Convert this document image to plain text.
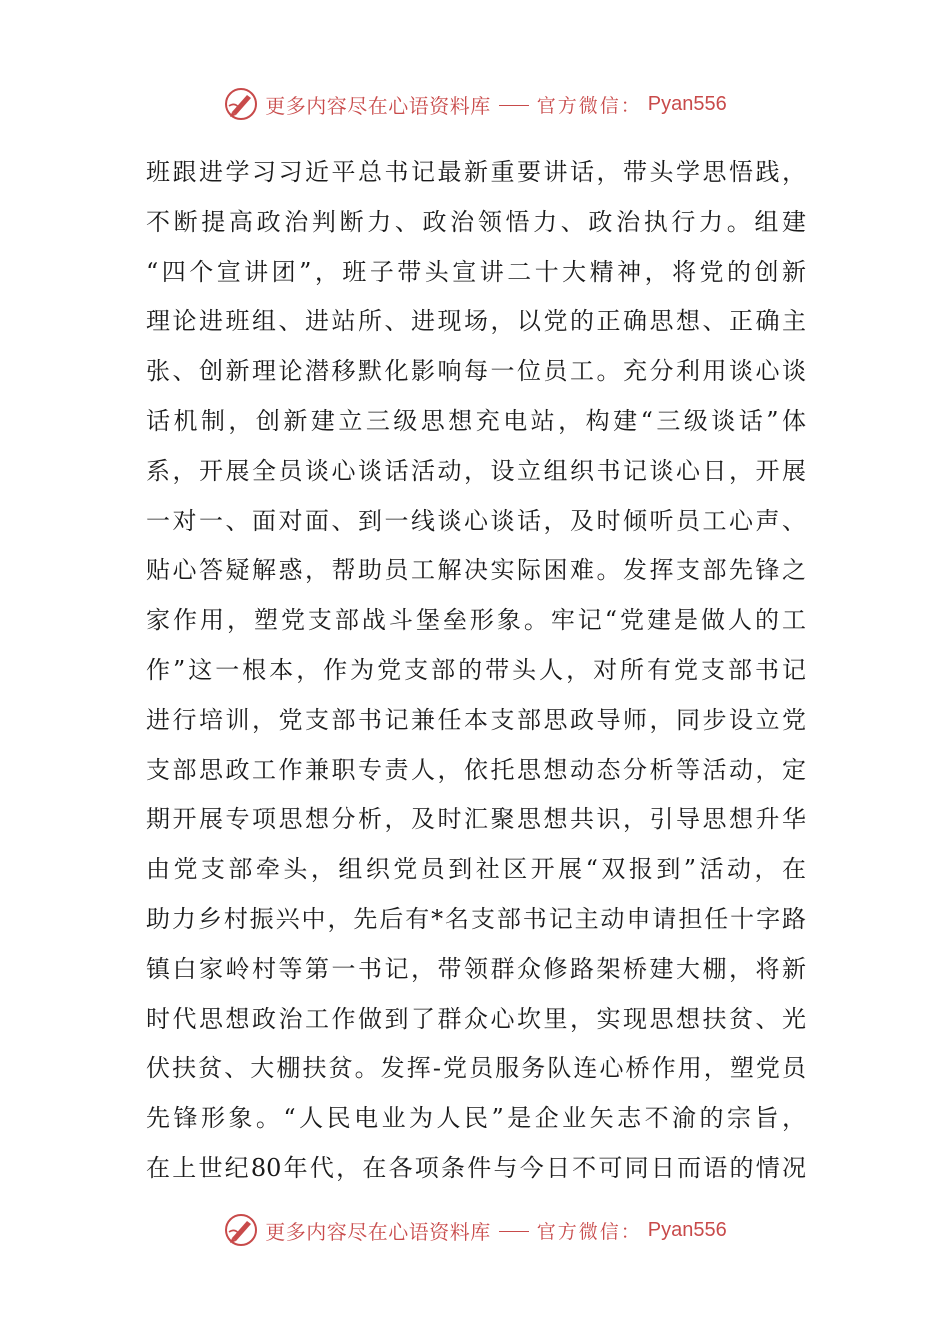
更多内容尽在心语资料库 官方微信： Pyan556
班跟进学习习近平总书记最新重要讲话，带头学思悟践，
不断提高政治判断力、政治领悟力、政治执行力。组建
“四个宣讲团”，班子带头宣讲二十大精神，将党的创新
理论进班组、进站所、进现场，以党的正确思想、正确主
张、创新理论潜移默化影响每一位员工。充分利用谈心谈
话机制，创新建立三级思想充电站，构建“三级谈话”体
系，开展全员谈心谈话活动，设立组织书记谈心日，开展
一对一、面对面、到一线谈心谈话，及时倾听员工心声、
贴心答疑解惑，帮助员工解决实际困难。发挥支部先锋之
家作用，塑党支部战斗堡垒形象。牢记“党建是做人的工
作”这一根本，作为党支部的带头人，对所有党支部书记
进行培训，党支部书记兼任本支部思政导师，同步设立党
支部思政工作兼职专责人，依托思想动态分析等活动，定
期开展专项思想分析，及时汇聚思想共识，引导思想升华
由党支部牵头，组织党员到社区开展“双报到”活动，在
助力乡村振兴中，先后有*名支部书记主动申请担任十字路
镇白家岭村等第一书记，带领群众修路架桥建大棚，将新
时代思想政治工作做到了群众心坎里，实现思想扶贫、光
伏扶贫、大棚扶贫。发挥-党员服务队连心桥作用，塑党员
先锋形象。“人民电业为人民”是企业矢志不渝的宗旨，
在上世纪80年代，在各项条件与今日不可同日而语的情况
更多内容尽在心语资料库 官方微信： Pyan556
